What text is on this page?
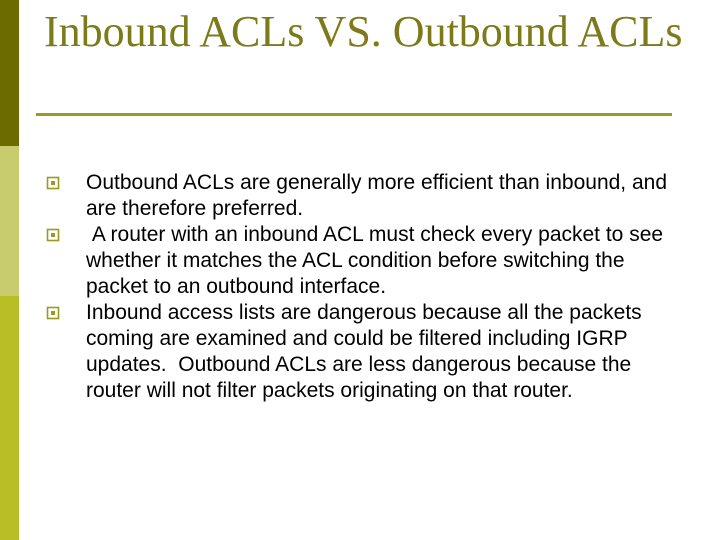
Inbound ACLs VS. Outbound ACLs
Outbound ACLs are generally more efficient than inbound, and are therefore preferred.
A router with an inbound ACL must check every packet to see whether it matches the ACL condition before switching the packet to an outbound interface.
Inbound access lists are dangerous because all the packets coming are examined and could be filtered including IGRP updates.  Outbound ACLs are less dangerous because the router will not filter packets originating on that router.
